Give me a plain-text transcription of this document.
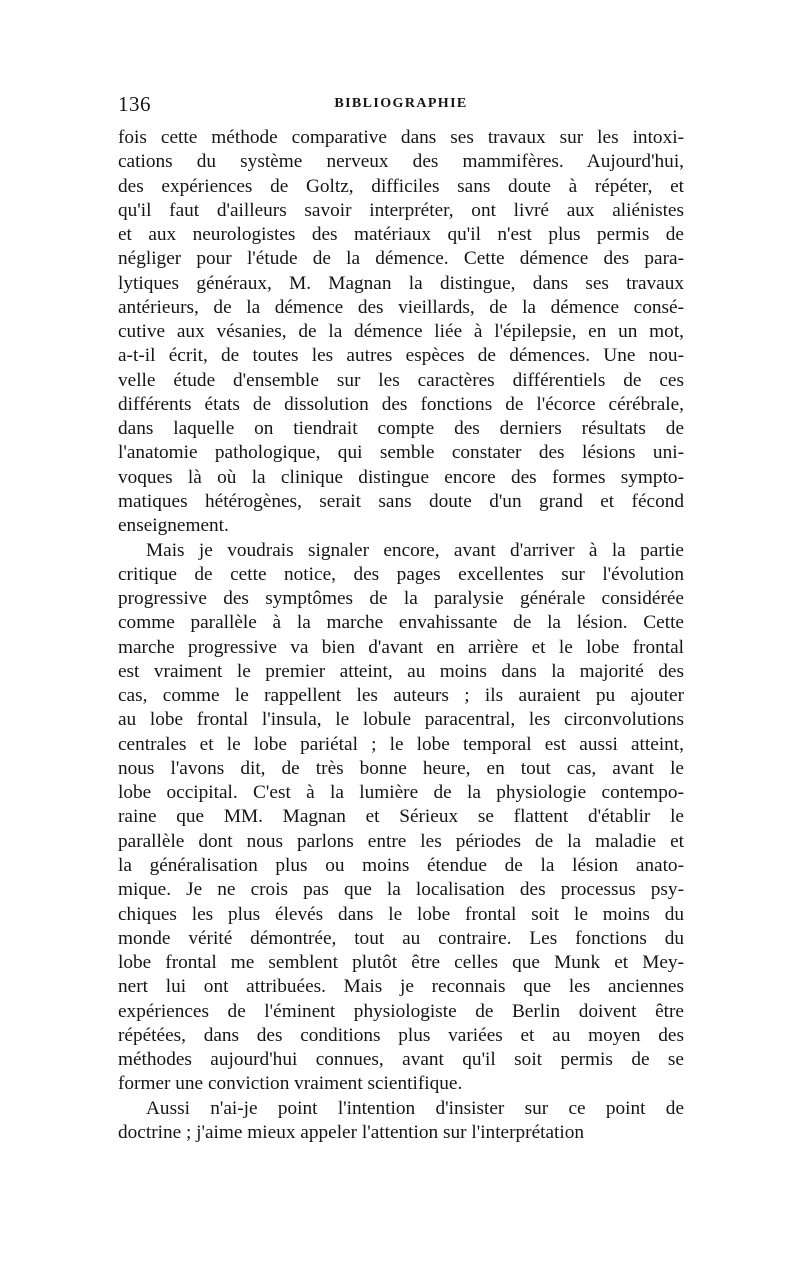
136	BIBLIOGRAPHIE
fois cette méthode comparative dans ses travaux sur les intoxi-
cations du système nerveux des mammifères. Aujourd'hui,
des expériences de Goltz, difficiles sans doute à répéter, et
qu'il faut d'ailleurs savoir interpréter, ont livré aux aliénistes
et aux neurologistes des matériaux qu'il n'est plus permis de
négliger pour l'étude de la démence. Cette démence des para-
lytiques généraux, M. Magnan la distingue, dans ses travaux
antérieurs, de la démence des vieillards, de la démence consé-
cutive aux vésanies, de la démence liée à l'épilepsie, en un mot,
a-t-il écrit, de toutes les autres espèces de démences. Une nou-
velle étude d'ensemble sur les caractères différentiels de ces
différents états de dissolution des fonctions de l'écorce cérébrale,
dans laquelle on tiendrait compte des derniers résultats de
l'anatomie pathologique, qui semble constater des lésions uni-
voques là où la clinique distingue encore des formes sympto-
matiques hétérogènes, serait sans doute d'un grand et fécond
enseignement.
Mais je voudrais signaler encore, avant d'arriver à la partie
critique de cette notice, des pages excellentes sur l'évolution
progressive des symptômes de la paralysie générale considérée
comme parallèle à la marche envahissante de la lésion. Cette
marche progressive va bien d'avant en arrière et le lobe frontal
est vraiment le premier atteint, au moins dans la majorité des
cas, comme le rappellent les auteurs ; ils auraient pu ajouter
au lobe frontal l'insula, le lobule paracentral, les circonvolutions
centrales et le lobe pariétal ; le lobe temporal est aussi atteint,
nous l'avons dit, de très bonne heure, en tout cas, avant le
lobe occipital. C'est à la lumière de la physiologie contempo-
raine que MM. Magnan et Sérieux se flattent d'établir le
parallèle dont nous parlons entre les périodes de la maladie et
la généralisation plus ou moins étendue de la lésion anato-
mique. Je ne crois pas que la localisation des processus psy-
chiques les plus élevés dans le lobe frontal soit le moins du
monde vérité démontrée, tout au contraire. Les fonctions du
lobe frontal me semblent plutôt être celles que Munk et Mey-
nert lui ont attribuées. Mais je reconnais que les anciennes
expériences de l'éminent physiologiste de Berlin doivent être
répétées, dans des conditions plus variées et au moyen des
méthodes aujourd'hui connues, avant qu'il soit permis de se
former une conviction vraiment scientifique.
Aussi n'ai-je point l'intention d'insister sur ce point de
doctrine ; j'aime mieux appeler l'attention sur l'interprétation
